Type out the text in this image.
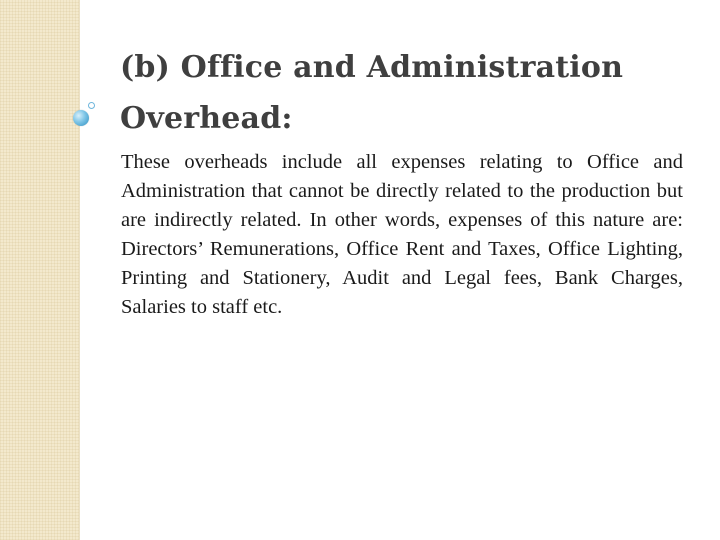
(b) Office and Administration Overhead:

These overheads include all expenses relating to Office and Administration that cannot be directly related to the production but are indirectly related. In other words, expenses of this nature are: Directors’ Remunerations, Office Rent and Taxes, Office Lighting, Printing and Stationery, Audit and Legal fees, Bank Charges, Salaries to staff etc.
